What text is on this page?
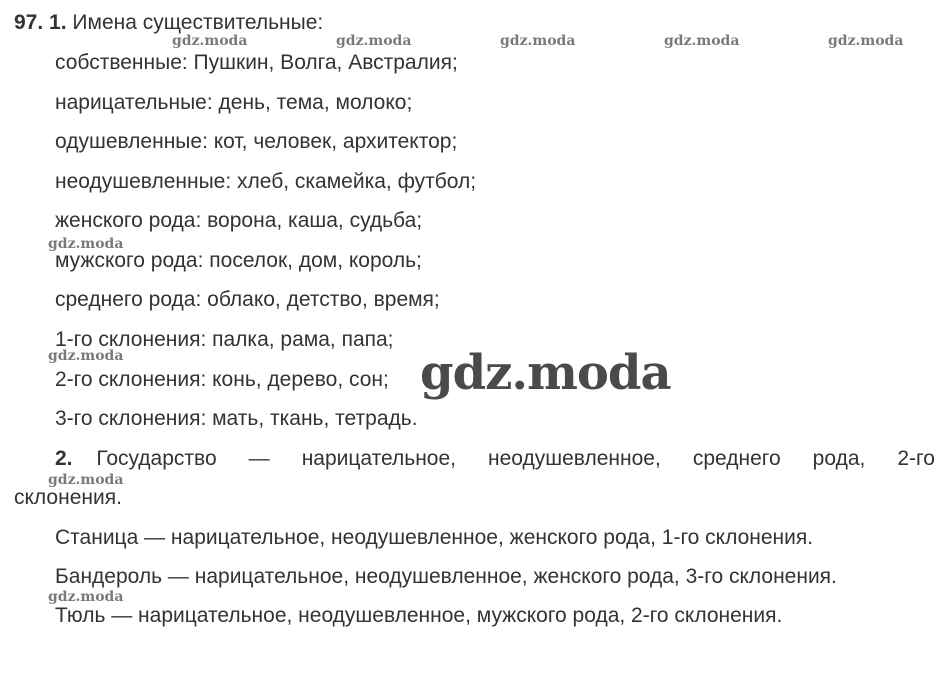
97. 1. Имена существительные:
собственные: Пушкин, Волга, Австралия;
нарицательные: день, тема, молоко;
одушевленные: кот, человек, архитектор;
неодушевленные: хлеб, скамейка, футбол;
женского рода: ворона, каша, судьба;
мужского рода: поселок, дом, король;
среднего рода: облако, детство, время;
1-го склонения: палка, рама, папа;
2-го склонения: конь, дерево, сон;
3-го склонения: мать, ткань, тетрадь.
2. Государство — нарицательное, неодушевленное, среднего рода, 2-го
склонения.
Станица — нарицательное, неодушевленное, женского рода, 1-го склонения.
Бандероль — нарицательное, неодушевленное, женского рода, 3-го склонения.
Тюль — нарицательное, неодушевленное, мужского рода, 2-го склонения.
gdz.moda	gdz.moda	gdz.moda	gdz.moda	gdz.moda
gdz.moda
gdz.moda
gdz.moda
gdz.moda
gdz.moda
